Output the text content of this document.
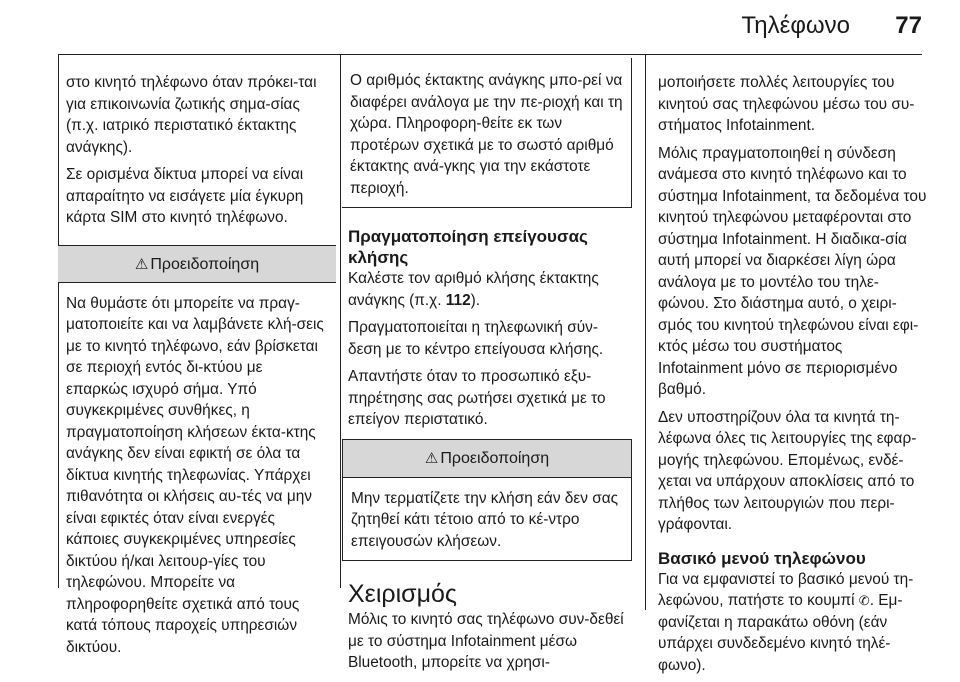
Τηλέφωνο 77
στο κινητό τηλέφωνο όταν πρόκει-ται για επικοινωνία ζωτικής σημα-σίας (π.χ. ιατρικό περιστατικό έκτακτης ανάγκης).
Σε ορισμένα δίκτυα μπορεί να είναι απαραίτητο να εισάγετε μία έγκυρη κάρτα SIM στο κινητό τηλέφωνο.
⚠ Προειδοποίηση
Να θυμάστε ότι μπορείτε να πραγ-ματοποιείτε και να λαμβάνετε κλή-σεις με το κινητό τηλέφωνο, εάν βρίσκεται σε περιοχή εντός δι-κτύου με επαρκώς ισχυρό σήμα. Υπό συγκεκριμένες συνθήκες, η πραγματοποίηση κλήσεων έκτα-κτης ανάγκης δεν είναι εφικτή σε όλα τα δίκτυα κινητής τηλεφωνίας. Υπάρχει πιθανότητα οι κλήσεις αυ-τές να μην είναι εφικτές όταν είναι ενεργές κάποιες συγκεκριμένες υπηρεσίες δικτύου ή/και λειτουρ-γίες του τηλεφώνου. Μπορείτε να πληροφορηθείτε σχετικά από τους κατά τόπους παροχείς υπηρεσιών δικτύου.
Ο αριθμός έκτακτης ανάγκης μπο-ρεί να διαφέρει ανάλογα με την πε-ριοχή και τη χώρα. Πληροφορη-θείτε εκ των προτέρων σχετικά με το σωστό αριθμό έκτακτης ανά-γκης για την εκάστοτε περιοχή.
Πραγματοποίηση επείγουσας κλήσης
Καλέστε τον αριθμό κλήσης έκτακτης ανάγκης (π.χ. 112).
Πραγματοποιείται η τηλεφωνική σύν-δεση με το κέντρο επείγουσα κλήσης.
Απαντήστε όταν το προσωπικό εξυ-πηρέτησης σας ρωτήσει σχετικά με το επείγον περιστατικό.
⚠ Προειδοποίηση
Μην τερματίζετε την κλήση εάν δεν σας ζητηθεί κάτι τέτοιο από το κέ-ντρο επειγουσών κλήσεων.
Χειρισμός
Μόλις το κινητό σας τηλέφωνο συν-δεθεί με το σύστημα Infotainment μέσω Bluetooth, μπορείτε να χρησι-
μοποιήσετε πολλές λειτουργίες του κινητού σας τηλεφώνου μέσω του συ-στήματος Infotainment.
Μόλις πραγματοποιηθεί η σύνδεση ανάμεσα στο κινητό τηλέφωνο και το σύστημα Infotainment, τα δεδομένα του κινητού τηλεφώνου μεταφέρονται στο σύστημα Infotainment. Η διαδικα-σία αυτή μπορεί να διαρκέσει λίγη ώρα ανάλογα με το μοντέλο του τηλε-φώνου. Στο διάστημα αυτό, ο χειρι-σμός του κινητού τηλεφώνου είναι εφι-κτός μέσω του συστήματος Infotainment μόνο σε περιορισμένο βαθμό.
Δεν υποστηρίζουν όλα τα κινητά τη-λέφωνα όλες τις λειτουργίες της εφαρ-μογής τηλεφώνου. Επομένως, ενδέ-χεται να υπάρχουν αποκλίσεις από το πλήθος των λειτουργιών που περι-γράφονται.
Βασικό μενού τηλεφώνου
Για να εμφανιστεί το βασικό μενού τη-λεφώνου, πατήστε το κουμπί ✆. Εμ-φανίζεται η παρακάτω οθόνη (εάν υπάρχει συνδεδεμένο κινητό τηλέ-φωνο).
